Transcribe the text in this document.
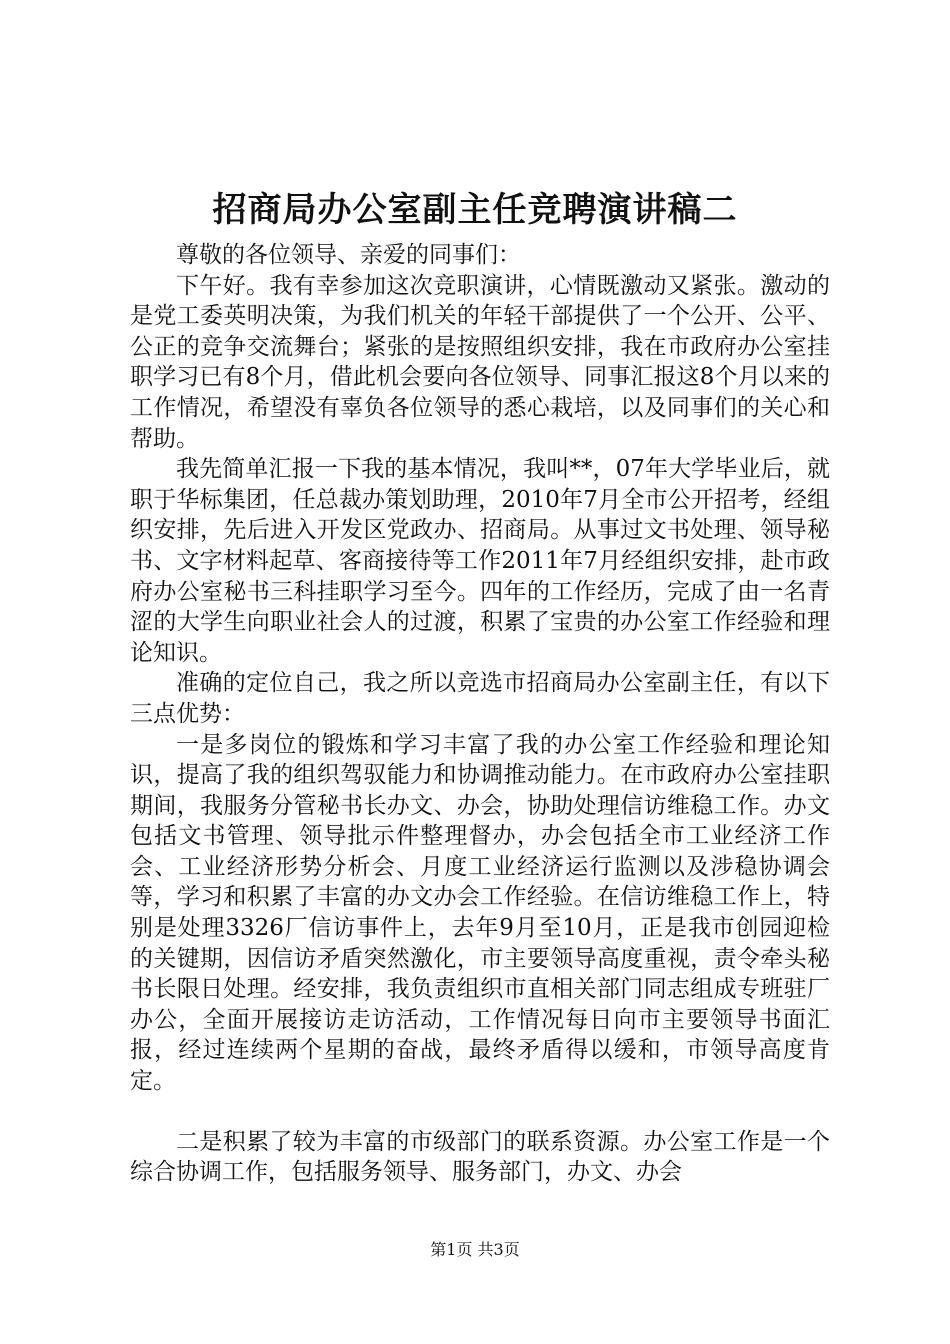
招商局办公室副主任竞聘演讲稿二

尊敬的各位领导、亲爱的同事们：

下午好。我有幸参加这次竞职演讲，心情既激动又紧张。激动的是党工委英明决策，为我们机关的年轻干部提供了一个公开、公平、公正的竞争交流舞台；紧张的是按照组织安排，我在市政府办公室挂职学习已有8个月，借此机会要向各位领导、同事汇报这8个月以来的工作情况，希望没有辜负各位领导的悉心栽培，以及同事们的关心和帮助。

我先简单汇报一下我的基本情况，我叫**，07年大学毕业后，就职于华标集团，任总裁办策划助理，2010年7月全市公开招考，经组织安排，先后进入开发区党政办、招商局。从事过文书处理、领导秘书、文字材料起草、客商接待等工作2011年7月经组织安排，赴市政府办公室秘书三科挂职学习至今。四年的工作经历，完成了由一名青涩的大学生向职业社会人的过渡，积累了宝贵的办公室工作经验和理论知识。

准确的定位自己，我之所以竞选市招商局办公室副主任，有以下三点优势：

一是多岗位的锻炼和学习丰富了我的办公室工作经验和理论知识，提高了我的组织驾驭能力和协调推动能力。在市政府办公室挂职期间，我服务分管秘书长办文、办会，协助处理信访维稳工作。办文包括文书管理、领导批示件整理督办，办会包括全市工业经济工作会、工业经济形势分析会、月度工业经济运行监测以及涉稳协调会等，学习和积累了丰富的办文办会工作经验。在信访维稳工作上，特别是处理3326厂信访事件上，去年9月至10月，正是我市创园迎检的关键期，因信访矛盾突然激化，市主要领导高度重视，责令牵头秘书长限日处理。经安排，我负责组织市直相关部门同志组成专班驻厂办公，全面开展接访走访活动，工作情况每日向市主要领导书面汇报，经过连续两个星期的奋战，最终矛盾得以缓和，市领导高度肯定。

二是积累了较为丰富的市级部门的联系资源。办公室工作是一个综合协调工作，包括服务领导、服务部门，办文、办会

第1页 共3页
